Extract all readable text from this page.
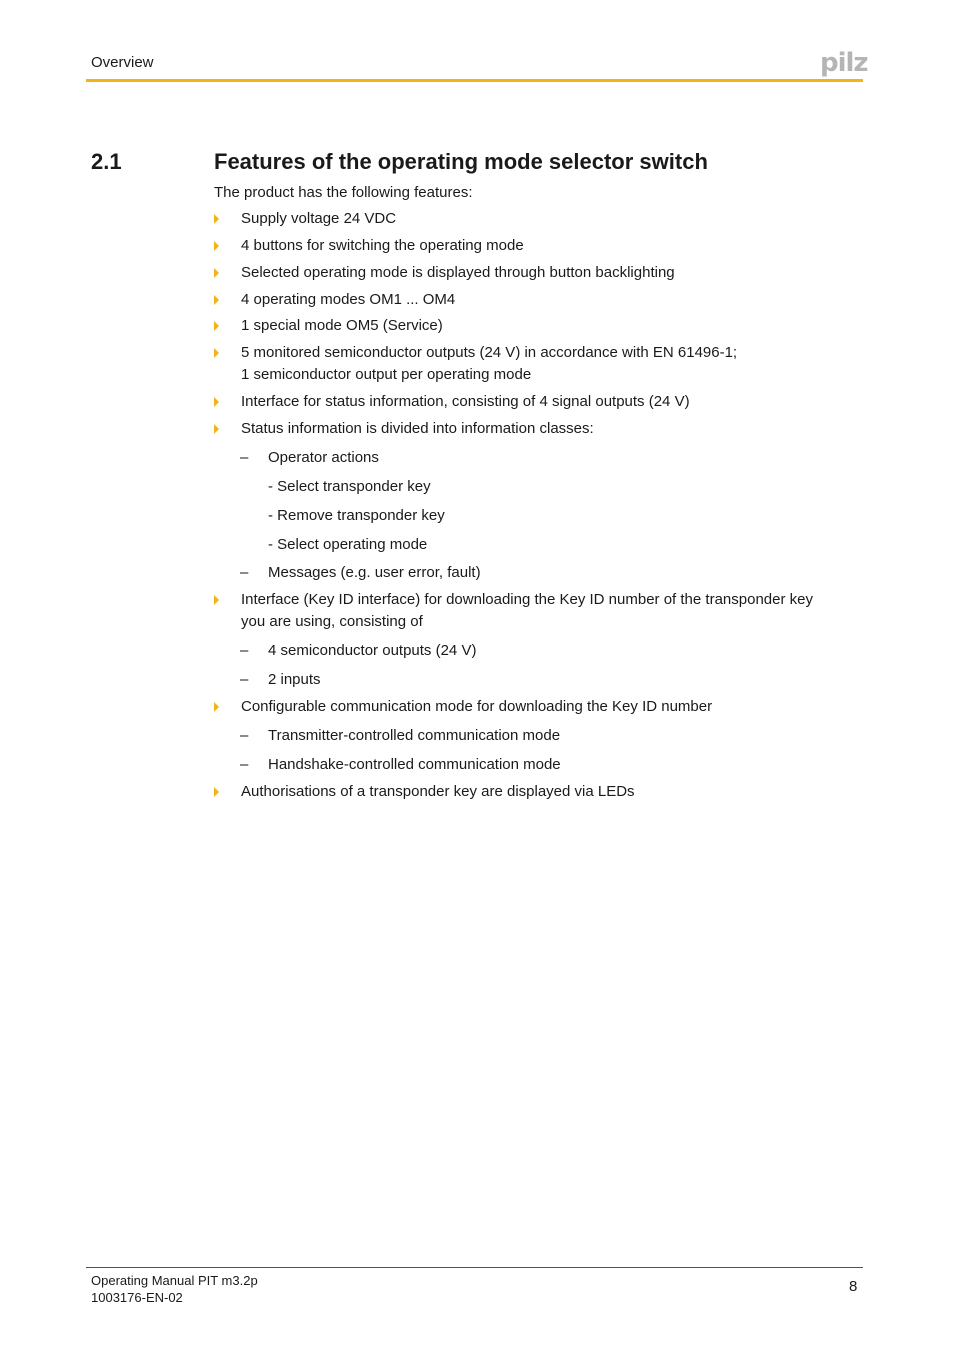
Overview	pilz
2.1	Features of the operating mode selector switch
The product has the following features:
Supply voltage 24 VDC
4 buttons for switching the operating mode
Selected operating mode is displayed through button backlighting
4 operating modes OM1 ... OM4
1 special mode OM5 (Service)
5 monitored semiconductor outputs (24 V) in accordance with EN 61496-1;
1 semiconductor output per operating mode
Interface for status information, consisting of 4 signal outputs (24 V)
Status information is divided into information classes:
– Operator actions
- Select transponder key
- Remove transponder key
- Select operating mode
– Messages (e.g. user error, fault)
Interface (Key ID interface) for downloading the Key ID number of the transponder key
you are using, consisting of
– 4 semiconductor outputs (24 V)
– 2 inputs
Configurable communication mode for downloading the Key ID number
– Transmitter-controlled communication mode
– Handshake-controlled communication mode
Authorisations of a transponder key are displayed via LEDs
Operating Manual PIT m3.2p
1003176-EN-02
8
